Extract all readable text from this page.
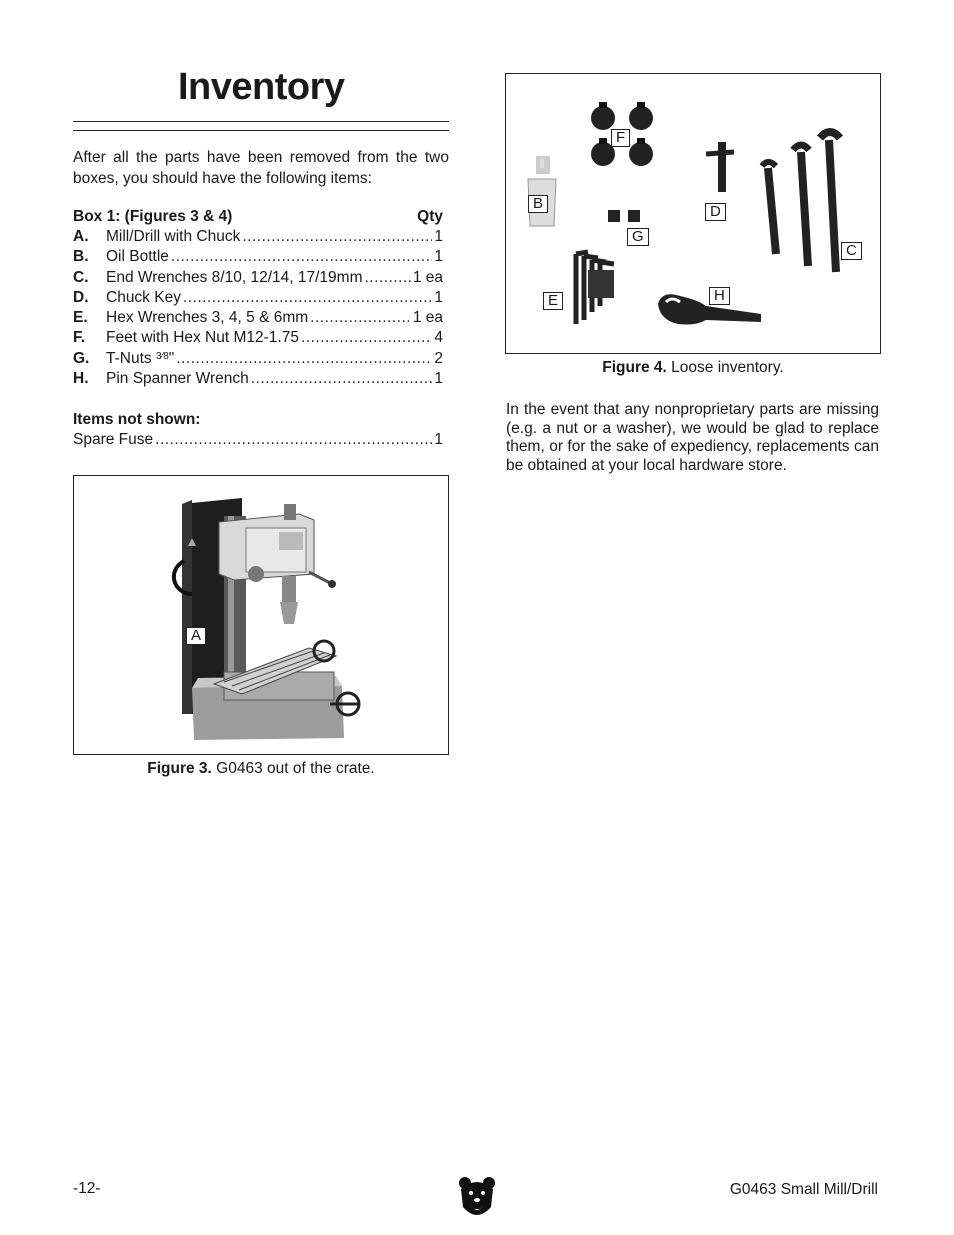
Inventory
After all the parts have been removed from the two boxes, you should have the following items:
Box 1: (Figures 3 & 4)	Qty
A.	Mill/Drill with Chuck .....	1
B.	Oil Bottle .....	1
C.	End Wrenches 8/10, 12/14, 17/19mm .....	1 ea
D.	Chuck Key .....	1
E.	Hex Wrenches 3, 4, 5 & 6mm .....	1 ea
F.	Feet with Hex Nut M12-1.75 .....	4
G.	T-Nuts $^{3⁄8}$" .....	2
H.	Pin Spanner Wrench .....	1
Items not shown:
Spare Fuse .....	1
A
Figure 3. G0463 out of the crate.
F
B	D
G
C
H
E
Figure 4. Loose inventory.
In the event that any nonproprietary parts are missing (e.g. a nut or a washer), we would be glad to replace them, or for the sake of expediency, replacements can be obtained at your local hardware store.
-12-	G0463 Small Mill/Drill
